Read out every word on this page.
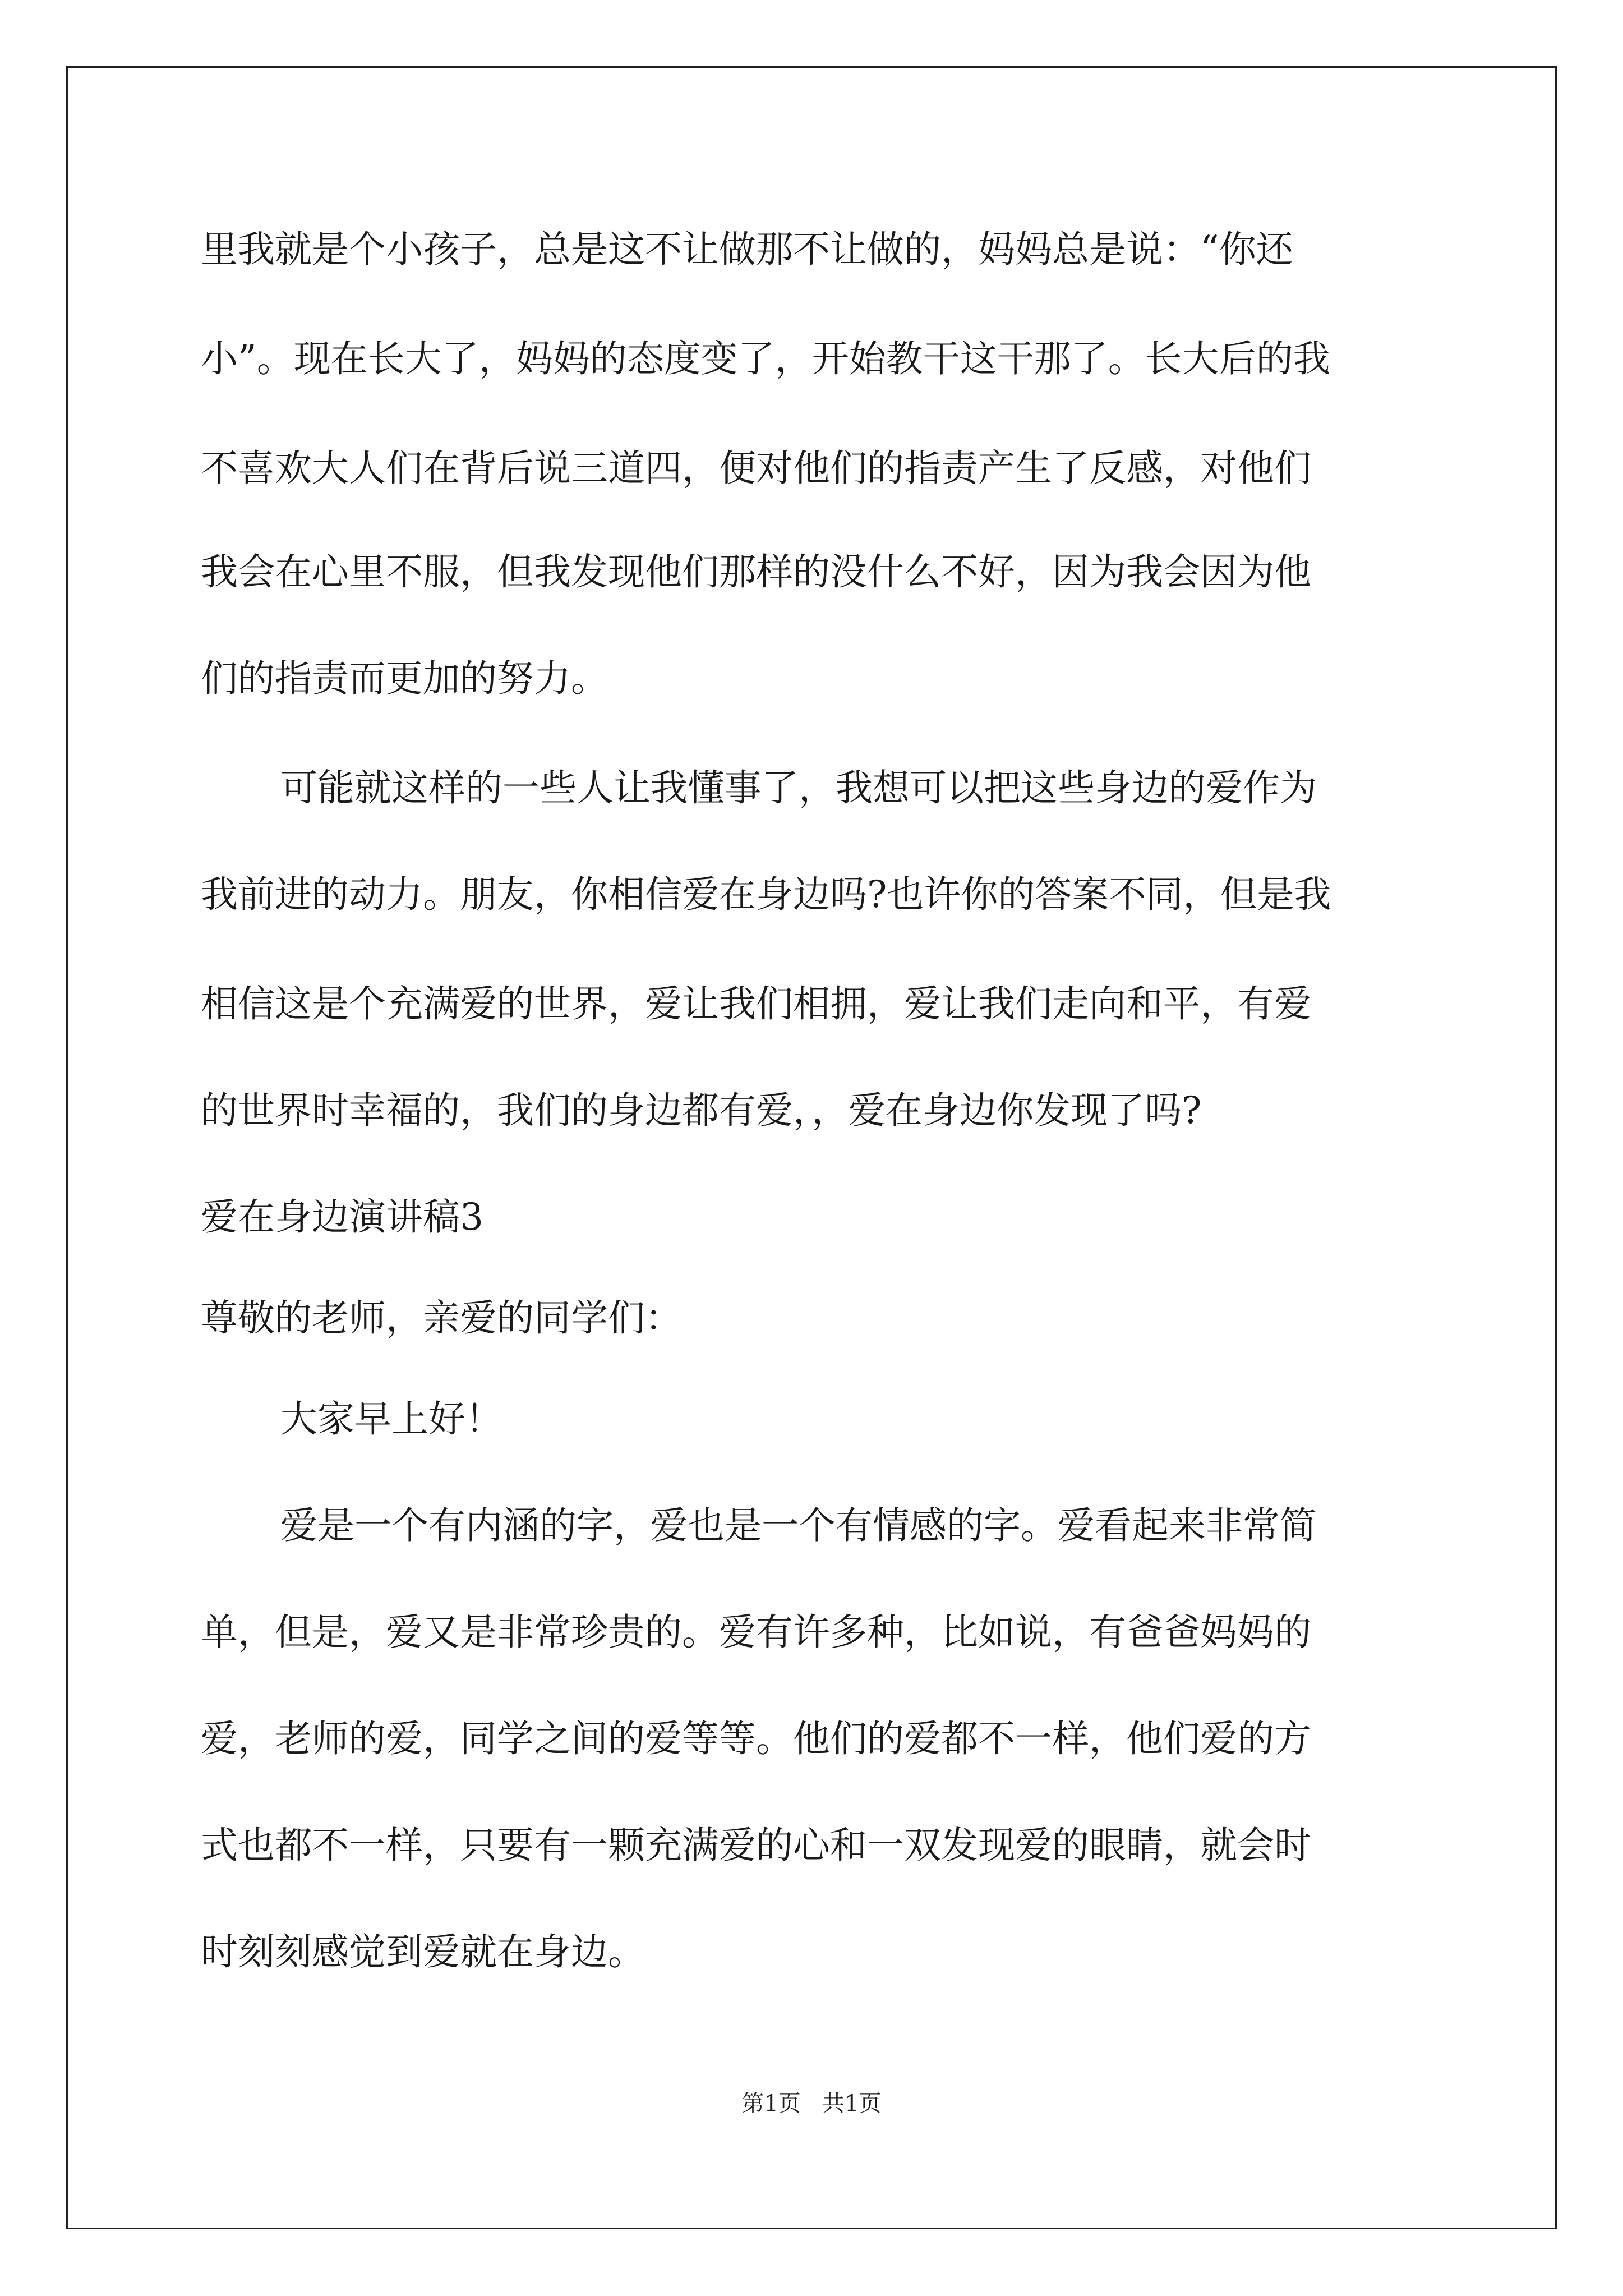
里我就是个小孩子，总是这不让做那不让做的，妈妈总是说：“你还
小”。现在长大了，妈妈的态度变了，开始教干这干那了。长大后的我
不喜欢大人们在背后说三道四，便对他们的指责产生了反感，对他们
我会在心里不服，但我发现他们那样的没什么不好，因为我会因为他
们的指责而更加的努力。
可能就这样的一些人让我懂事了，我想可以把这些身边的爱作为
我前进的动力。朋友，你相信爱在身边吗?也许你的答案不同，但是我
相信这是个充满爱的世界，爱让我们相拥，爱让我们走向和平，有爱
的世界时幸福的，我们的身边都有爱，，爱在身边你发现了吗?
爱在身边演讲稿3
尊敬的老师，亲爱的同学们：
大家早上好！
爱是一个有内涵的字，爱也是一个有情感的字。爱看起来非常简
单，但是，爱又是非常珍贵的。爱有许多种，比如说，有爸爸妈妈的
爱，老师的爱，同学之间的爱等等。他们的爱都不一样，他们爱的方
式也都不一样，只要有一颗充满爱的心和一双发现爱的眼睛，就会时
时刻刻感觉到爱就在身边。
第1页   共1页
